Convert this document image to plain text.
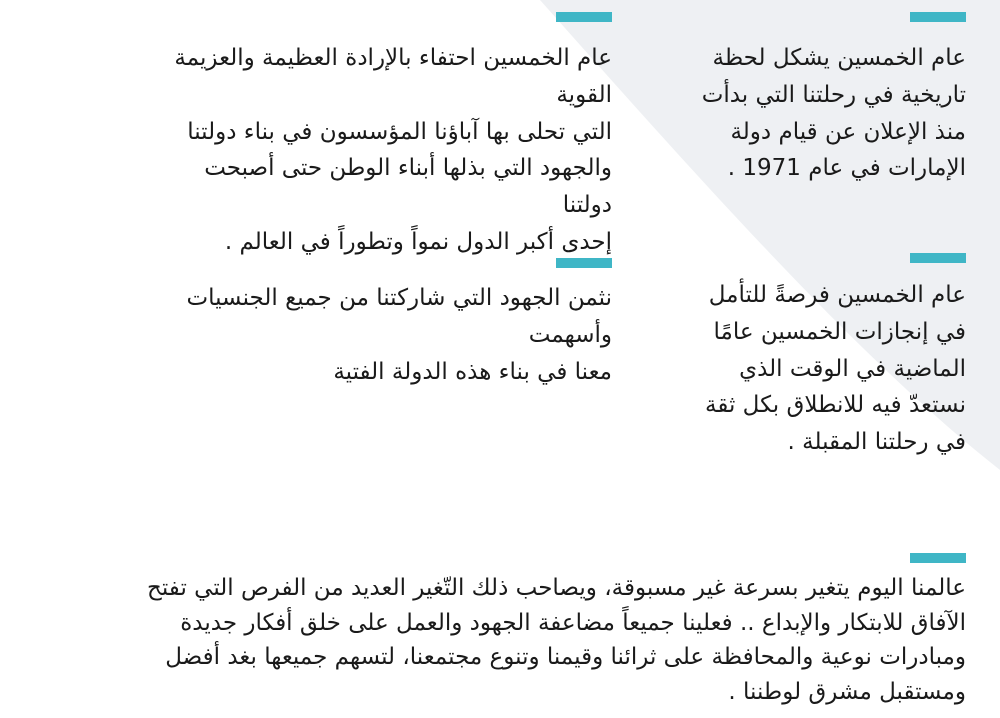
عام الخمسين يشكل لحظة
تاريخية في رحلتنا التي بدأت
منذ الإعلان عن قيام دولة
الإمارات في عام 1971 .
عام الخمسين احتفاء بالإرادة العظيمة والعزيمة القوية
التي تحلى بها آباؤنا المؤسسون في بناء دولتنا
والجهود التي بذلها أبناء الوطن حتى أصبحت دولتنا
إحدى أكبر الدول نمواً وتطوراً في العالم .
عام الخمسين فرصةً للتأمل
في إنجازات الخمسين عامًا
الماضية في الوقت الذي
نستعدّ فيه للانطلاق بكل ثقة
في رحلتنا المقبلة .
نثمن الجهود التي شاركتنا من جميع الجنسيات وأسهمت
معنا في بناء هذه الدولة الفتية
عالمنا اليوم يتغير بسرعة غير مسبوقة، ويصاحب ذلك التّغير العديد من الفرص التي تفتح
الآفاق للابتكار والإبداع .. فعلينا جميعاً مضاعفة الجهود والعمل على خلق أفكار جديدة
ومبادرات نوعية والمحافظة على ثرائنا وقيمنا وتنوع مجتمعنا، لتسهم جميعها بغد أفضل
ومستقبل مشرق لوطننا .
